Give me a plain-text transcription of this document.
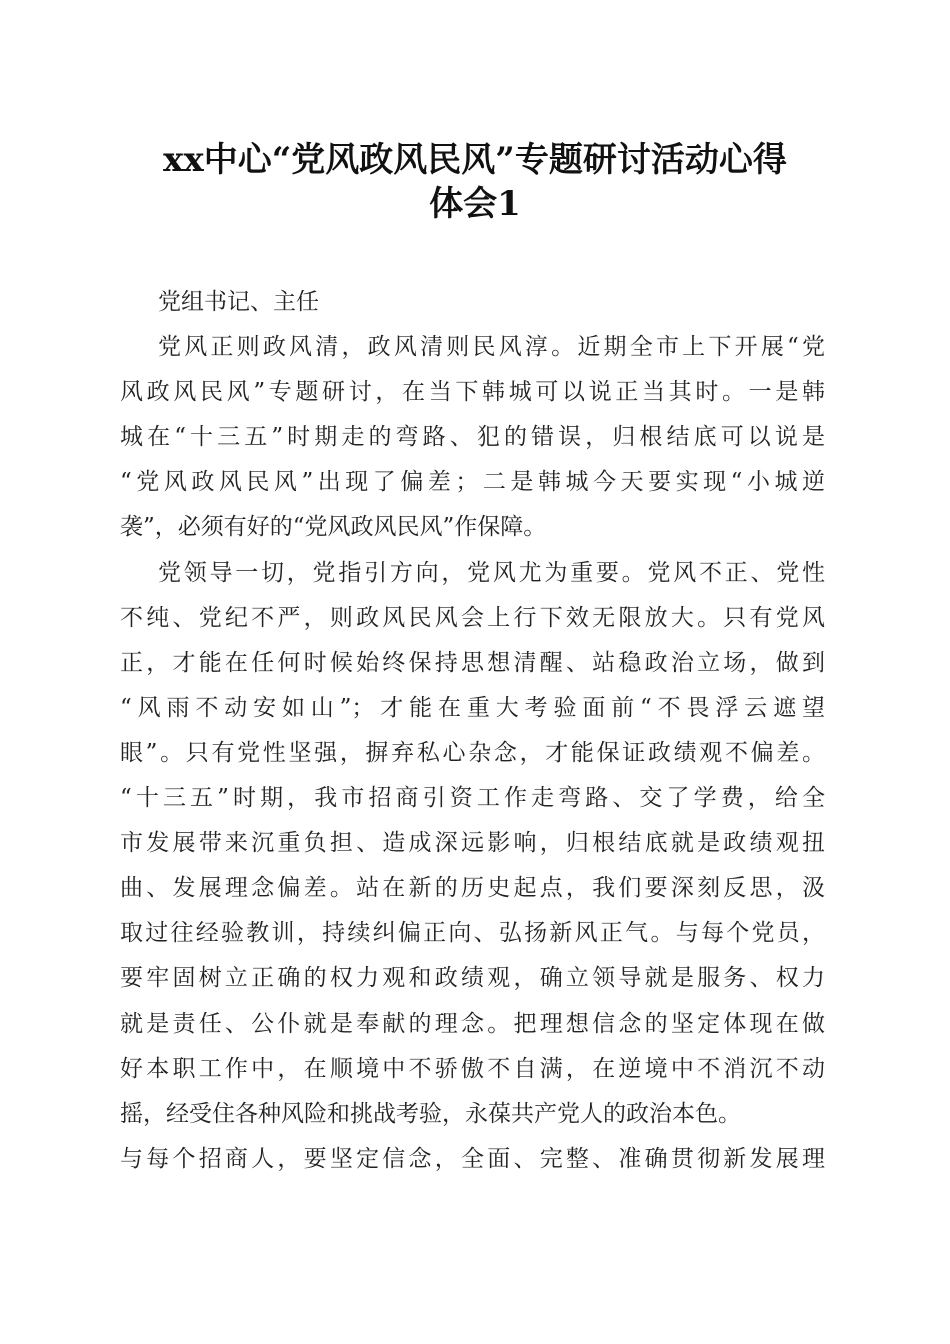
xx中心“党风政风民风”专题研讨活动心得
体会1
党组书记、主任
党风正则政风清，政风清则民风淳。近期全市上下开展“党
风政风民风”专题研讨，在当下韩城可以说正当其时。一是韩
城在“十三五”时期走的弯路、犯的错误，归根结底可以说是
“党风政风民风”出现了偏差；二是韩城今天要实现“小城逆
袭”，必须有好的“党风政风民风”作保障。
党领导一切，党指引方向，党风尤为重要。党风不正、党性
不纯、党纪不严，则政风民风会上行下效无限放大。只有党风
正，才能在任何时候始终保持思想清醒、站稳政治立场，做到
“风雨不动安如山”；才能在重大考验面前“不畏浮云遮望
眼”。只有党性坚强，摒弃私心杂念，才能保证政绩观不偏差。
“十三五”时期，我市招商引资工作走弯路、交了学费，给全
市发展带来沉重负担、造成深远影响，归根结底就是政绩观扭
曲、发展理念偏差。站在新的历史起点，我们要深刻反思，汲
取过往经验教训，持续纠偏正向、弘扬新风正气。与每个党员，
要牢固树立正确的权力观和政绩观，确立领导就是服务、权力
就是责任、公仆就是奉献的理念。把理想信念的坚定体现在做
好本职工作中，在顺境中不骄傲不自满，在逆境中不消沉不动
摇，经受住各种风险和挑战考验，永葆共产党人的政治本色。
与每个招商人，要坚定信念，全面、完整、准确贯彻新发展理
